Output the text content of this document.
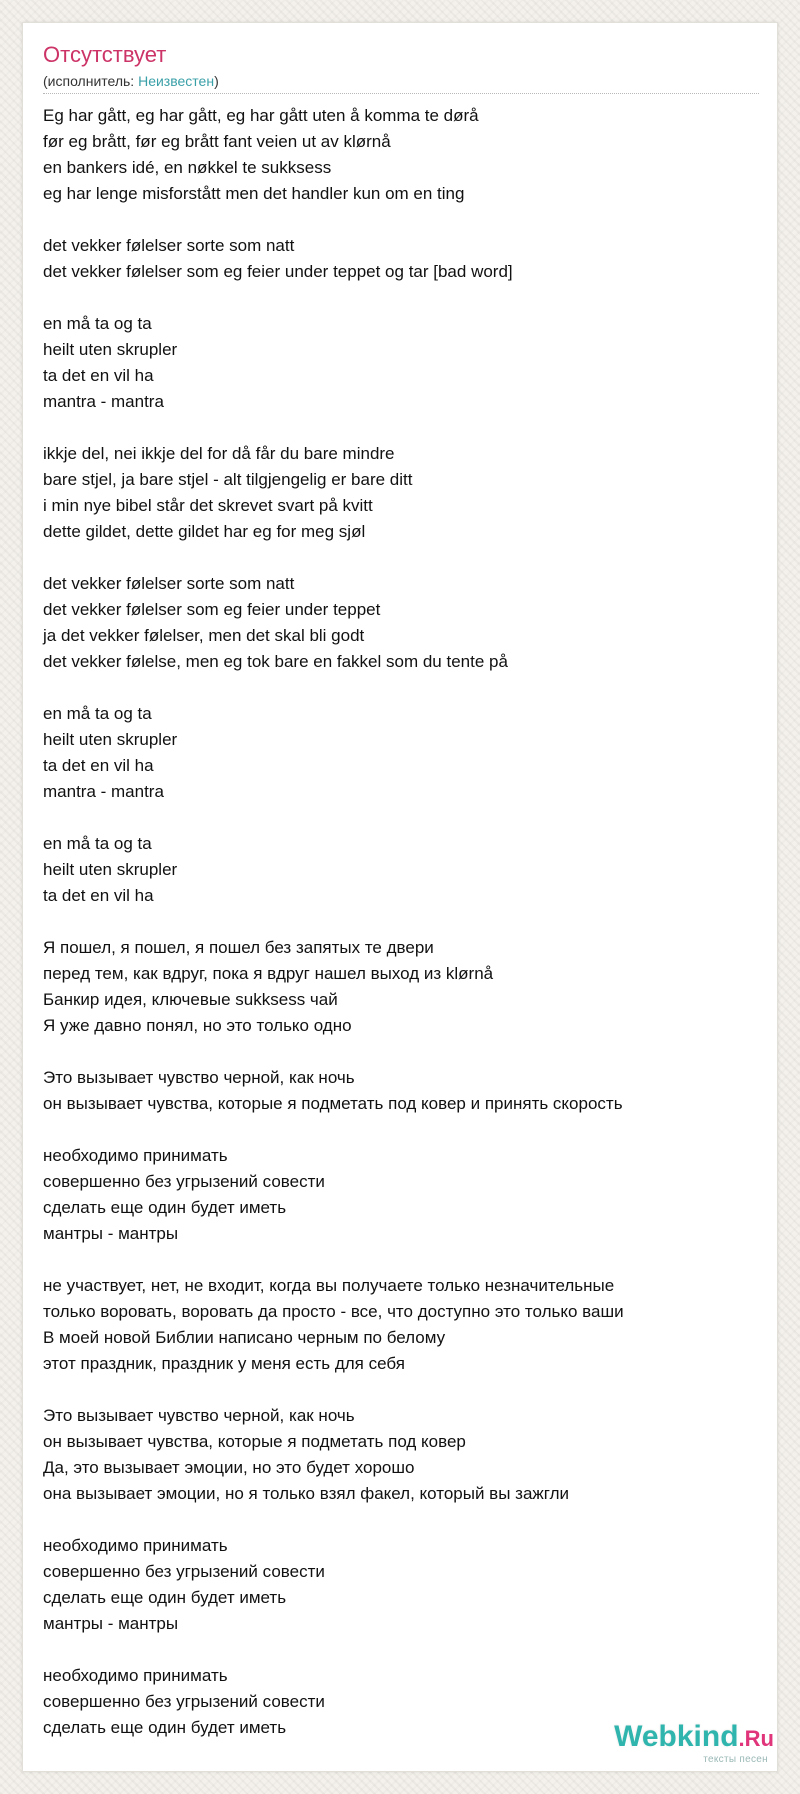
Отсутствует
(исполнитель: Неизвестен)
Eg har gått, eg har gått, eg har gått uten å komma te dørå
før eg brått, før eg brått fant veien ut av klørnå
en bankers idé, en nøkkel te sukksess
eg har lenge misforstått men det handler kun om en ting
det vekker følelser sorte som natt
det vekker følelser som eg feier under teppet og tar [bad word]
en må ta og ta
heilt uten skrupler
ta det en vil ha
mantra - mantra
ikkje del, nei ikkje del for då får du bare mindre
bare stjel, ja bare stjel - alt tilgjengelig er bare ditt
i min nye bibel står det skrevet svart på kvitt
dette gildet, dette gildet har eg for meg sjøl
det vekker følelser sorte som natt
det vekker følelser som eg feier under teppet
ja det vekker følelser, men det skal bli godt
det vekker følelse, men eg tok bare en fakkel som du tente på
en må ta og ta
heilt uten skrupler
ta det en vil ha
mantra - mantra
en må ta og ta
heilt uten skrupler
ta det en vil ha
Я пошел, я пошел, я пошел без запятых те двери
перед тем, как вдруг, пока я вдруг нашел выход из klørnå
Банкир идея, ключевые sukksess чай
Я уже давно понял, но это только одно
Это вызывает чувство черной, как ночь
он вызывает чувства, которые я подметать под ковер и принять скорость
необходимо принимать
совершенно без угрызений совести
сделать еще один будет иметь
мантры - мантры
не участвует, нет, не входит, когда вы получаете только незначительные
только воровать, воровать да просто - все, что доступно это только ваши
В моей новой Библии написано черным по белому
этот праздник, праздник у меня есть для себя
Это вызывает чувство черной, как ночь
он вызывает чувства, которые я подметать под ковер
Да, это вызывает эмоции, но это будет хорошо
она вызывает эмоции, но я только взял факел, который вы зажгли
необходимо принимать
совершенно без угрызений совести
сделать еще один будет иметь
мантры - мантры
необходимо принимать
совершенно без угрызений совести
сделать еще один будет иметь	Webkind.Ru
тексты песен
